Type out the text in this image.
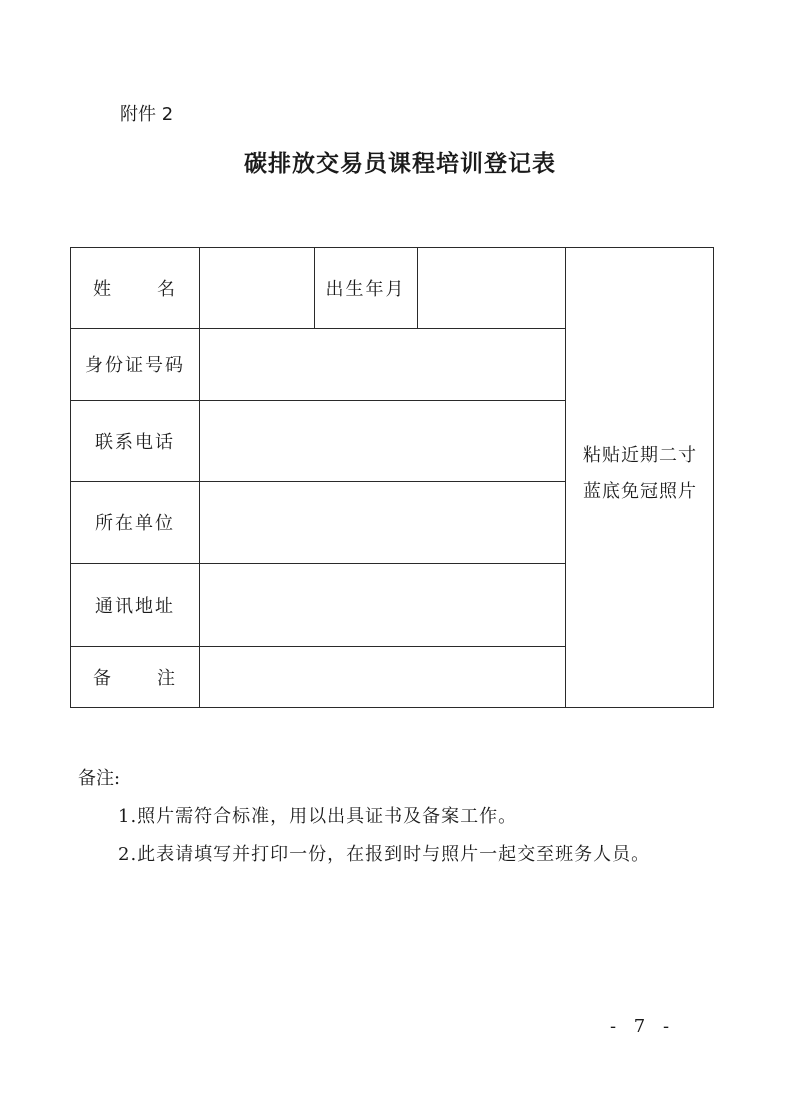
附件 2
碳排放交易员课程培训登记表
姓 名	出生年月
身份证号码
联系电话
所在单位
通讯地址
备 注
粘贴近期二寸
蓝底免冠照片
备注:
1.照片需符合标准，用以出具证书及备案工作。
2.此表请填写并打印一份，在报到时与照片一起交至班务人员。
- 7 -
